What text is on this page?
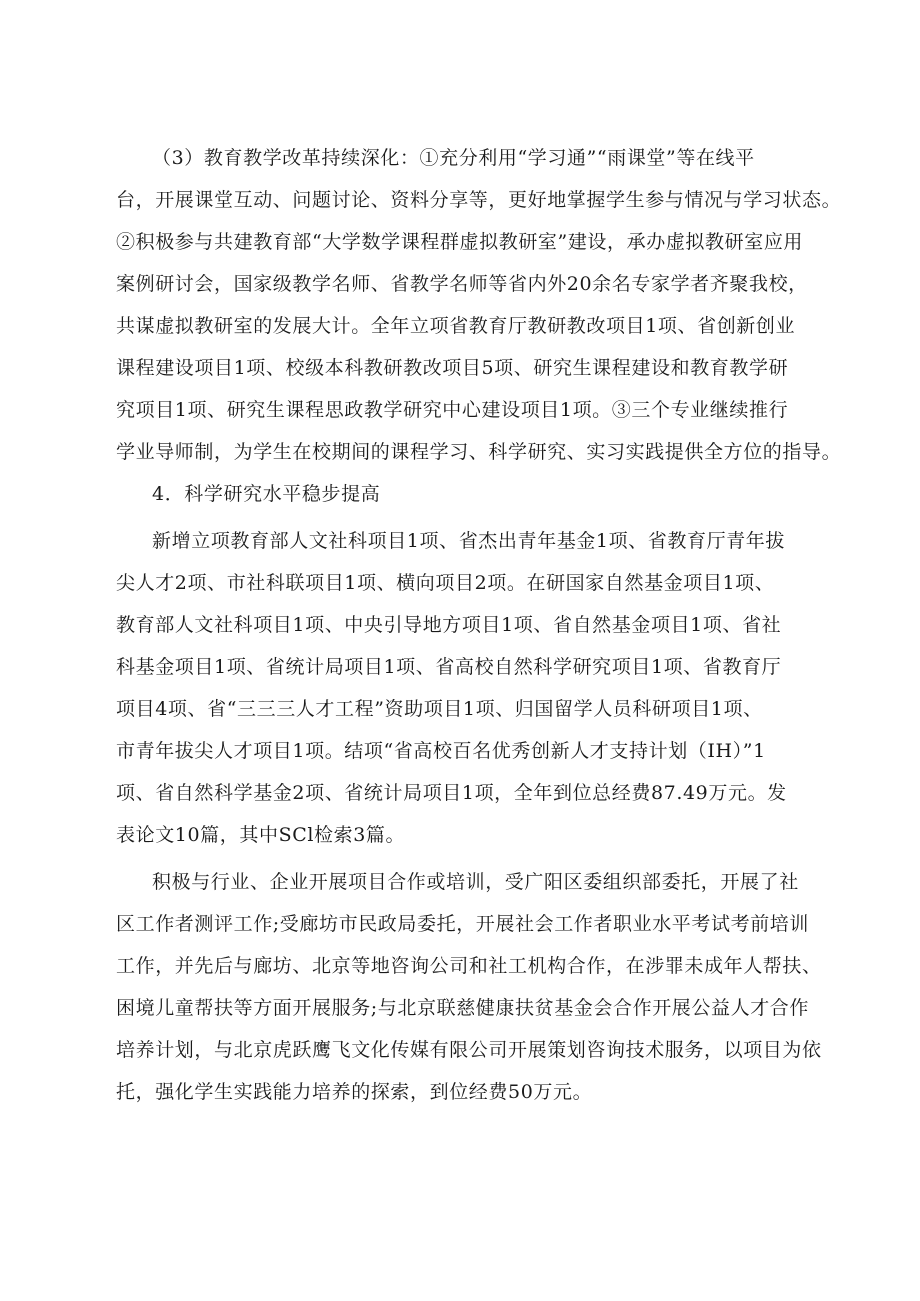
（3）教育教学改革持续深化：①充分利用“学习通”“雨课堂”等在线平
台，开展课堂互动、问题讨论、资料分享等，更好地掌握学生参与情况与学习状态。
②积极参与共建教育部“大学数学课程群虚拟教研室”建设，承办虚拟教研室应用
案例研讨会，国家级教学名师、省教学名师等省内外20余名专家学者齐聚我校，
共谋虚拟教研室的发展大计。全年立项省教育厅教研教改项目1项、省创新创业
课程建设项目1项、校级本科教研教改项目5项、研究生课程建设和教育教学研
究项目1项、研究生课程思政教学研究中心建设项目1项。③三个专业继续推行
学业导师制，为学生在校期间的课程学习、科学研究、实习实践提供全方位的指导。
4．科学研究水平稳步提高
新增立项教育部人文社科项目1项、省杰出青年基金1项、省教育厅青年拔
尖人才2项、市社科联项目1项、横向项目2项。在研国家自然基金项目1项、
教育部人文社科项目1项、中央引导地方项目1项、省自然基金项目1项、省社
科基金项目1项、省统计局项目1项、省高校自然科学研究项目1项、省教育厅
项目4项、省“三三三人才工程”资助项目1项、归国留学人员科研项目1项、
市青年拔尖人才项目1项。结项“省高校百名优秀创新人才支持计划（IH）”1
项、省自然科学基金2项、省统计局项目1项，全年到位总经费87.49万元。发
表论文10篇，其中SCl检索3篇。
积极与行业、企业开展项目合作或培训，受广阳区委组织部委托，开展了社
区工作者测评工作;受廊坊市民政局委托，开展社会工作者职业水平考试考前培训
工作，并先后与廊坊、北京等地咨询公司和社工机构合作，在涉罪未成年人帮扶、
困境儿童帮扶等方面开展服务;与北京联慈健康扶贫基金会合作开展公益人才合作
培养计划，与北京虎跃鹰飞文化传媒有限公司开展策划咨询技术服务，以项目为依
托，强化学生实践能力培养的探索，到位经费50万元。
